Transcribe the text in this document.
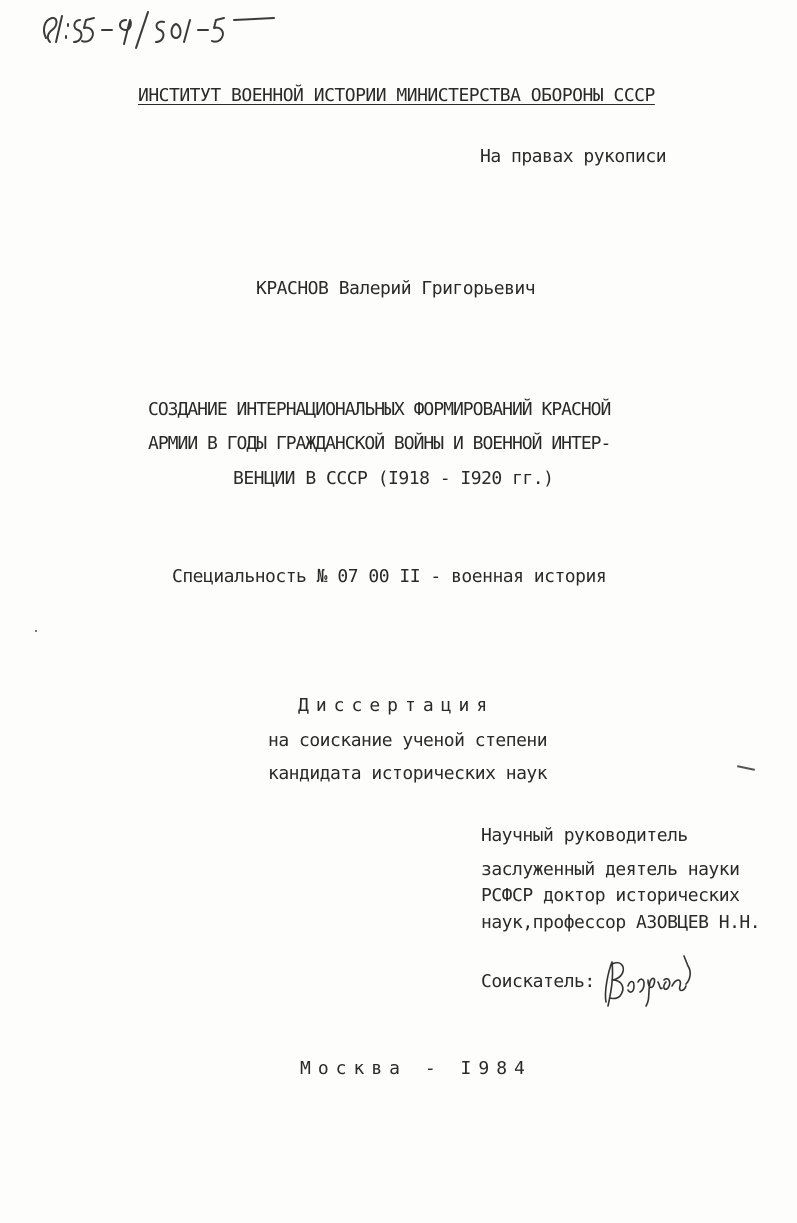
ИНСТИТУТ ВОЕННОЙ ИСТОРИИ МИНИСТЕРСТВА ОБОРОНЫ СССР
На правах рукописи
КРАСНОВ Валерий Григорьевич
СОЗДАНИЕ ИНТЕРНАЦИОНАЛЬНЫХ ФОРМИРОВАНИЙ КРАСНОЙ
АРМИИ В ГОДЫ ГРАЖДАНСКОЙ ВОЙНЫ И ВОЕННОЙ ИНТЕР-
ВЕНЦИИ В СССР (I918 - I920 гг.)
Специальность № 07 00 II - военная история
Диссертация
на соискание ученой степени
кандидата исторических наук
Научный руководитель
заслуженный деятель науки
РСФСР доктор исторических
наук,профессор АЗОВЦЕВ Н.Н.
Соискатель:
Москва - I984
